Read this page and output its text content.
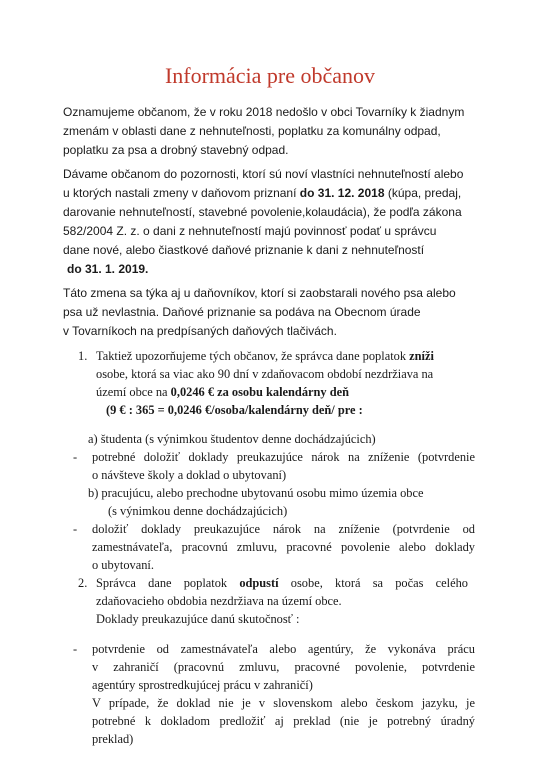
Informácia pre občanov
Oznamujeme občanom, že v roku 2018 nedošlo v obci Tovarníky k žiadnym
zmenám v oblasti dane z nehnuteľnosti, poplatku za komunálny odpad,
poplatku za psa a drobný stavebný odpad.
Dávame občanom do pozornosti, ktorí sú noví vlastníci nehnuteľností alebo
u ktorých nastali zmeny v daňovom priznaní do 31. 12. 2018 (kúpa, predaj,
darovanie nehnuteľností, stavebné povolenie,kolaudácia), že podľa zákona
582/2004 Z. z. o dani z nehnuteľností majú povinnosť podať u správcu
dane nové, alebo čiastkové daňové priznanie k dani z nehnuteľností
do 31. 1. 2019.
Táto zmena sa týka aj u daňovníkov, ktorí si zaobstarali nového psa alebo
psa už nevlastnia. Daňové priznanie sa podáva na Obecnom úrade
v Tovarníkoch na predpísaných daňových tlačivách.
1. Taktiež upozorňujeme tých občanov, že správca dane poplatok zníži
osobe, ktorá sa viac ako 90 dní v zdaňovacom období nezdržiava na
území obce na 0,0246 € za osobu kalendárny deň
(9 € : 365 = 0,0246 €/osoba/kalendárny deň/ pre :
a) študenta (s výnimkou študentov denne dochádzajúcich)
- potrebné doložiť doklady preukazujúce nárok na zníženie (potvrdenie
o návšteve školy a doklad o ubytovaní)
b) pracujúcu, alebo prechodne ubytovanú osobu mimo územia obce
(s výnimkou denne dochádzajúcich)
- doložiť doklady preukazujúce nárok na zníženie (potvrdenie od
zamestnávateľa, pracovnú zmluvu, pracovné povolenie alebo doklady
o ubytovaní.
2. Správca dane poplatok odpustí osobe, ktorá sa počas celého
zdaňovacieho obdobia nezdržiava na území obce.
Doklady preukazujúce danú skutočnosť :
- potvrdenie od zamestnávateľa alebo agentúry, že vykonáva prácu
v zahraničí (pracovnú zmluvu, pracovné povolenie, potvrdenie
agentúry sprostredkujúcej prácu v zahraničí)
V prípade, že doklad nie je v slovenskom alebo českom jazyku, je
potrebné k dokladom predložiť aj preklad (nie je potrebný úradný
preklad)
